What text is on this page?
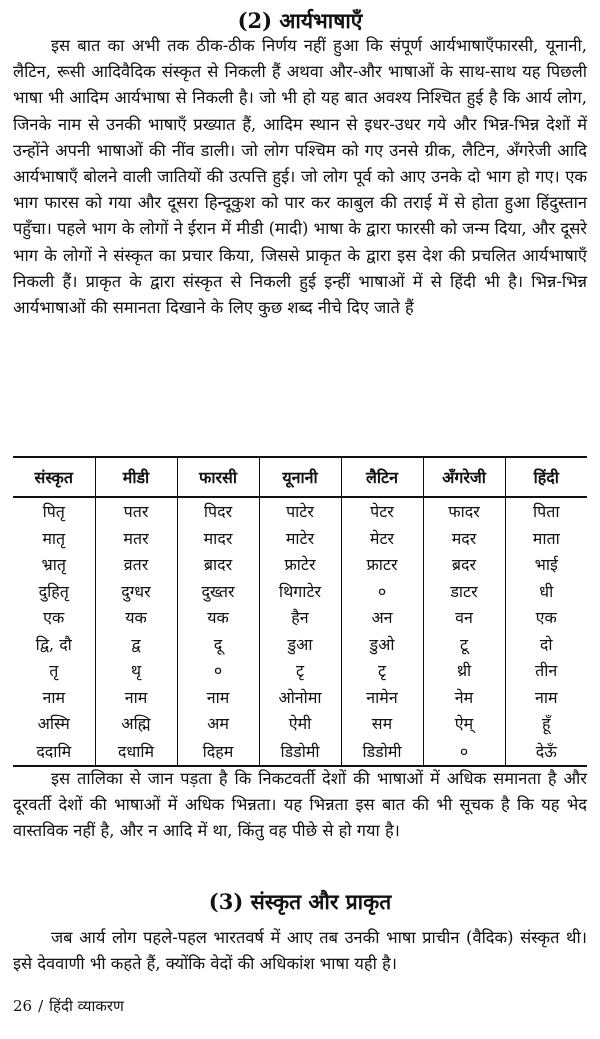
(2) आर्यभाषाएँ

इस बात का अभी तक ठीक-ठीक निर्णय नहीं हुआ कि संपूर्ण आर्यभाषाएँफारसी, यूनानी, लैटिन, रूसी आदिवैदिक संस्कृत से निकली हैं अथवा और-और भाषाओं के साथ-साथ यह पिछली भाषा भी आदिम आर्यभाषा से निकली है। जो भी हो यह बात अवश्य निश्चित हुई है कि आर्य लोग, जिनके नाम से उनकी भाषाएँ प्रख्यात हैं, आदिम स्थान से इधर-उधर गये और भिन्न-भिन्न देशों में उन्होंने अपनी भाषाओं की नींव डाली। जो लोग पश्चिम को गए उनसे ग्रीक, लैटिन, अँगरेजी आदि आर्यभाषाएँ बोलने वाली जातियों की उत्पत्ति हुई। जो लोग पूर्व को आए उनके दो भाग हो गए। एक भाग फारस को गया और दूसरा हिन्दूकुश को पार कर काबुल की तराई में से होता हुआ हिंदुस्तान पहुँचा। पहले भाग के लोगों ने ईरान में मीडी (मादी) भाषा के द्वारा फारसी को जन्म दिया, और दूसरे भाग के लोगों ने संस्कृत का प्रचार किया, जिससे प्राकृत के द्वारा इस देश की प्रचलित आर्यभाषाएँ निकली हैं। प्राकृत के द्वारा संस्कृत से निकली हुई इन्हीं भाषाओं में से हिंदी भी है। भिन्न-भिन्न आर्यभाषाओं की समानता दिखाने के लिए कुछ शब्द नीचे दिए जाते हैं

संस्कृत	मीडी	फारसी	यूनानी	लैटिन	अँगरेजी	हिंदी
पितृ	पतर	पिदर	पाटेर	पेटर	फादर	पिता
मातृ	मतर	मादर	माटेर	मेटर	मदर	माता
भ्रातृ	व्रतर	ब्रादर	फ्राटेर	फ्राटर	ब्रदर	भाई
दुहितृ	दुग्धर	दुख्तर	थिगाटेर	०	डाटर	धी
एक	यक	यक	हैन	अन	वन	एक
द्वि, दौ	द्व	दू	डुआ	डुओ	टू	दो
तृ	थृ	०	टृ	टृ	थ्री	तीन
नाम	नाम	नाम	ओनोमा	नामेन	नेम	नाम
अस्मि	अह्मि	अम	ऐमी	सम	ऐम्	हूँ
ददामि	दधामि	दिहम	डिडोमी	डिडोमी	०	देऊँ

इस तालिका से जान पड़ता है कि निकटवर्ती देशों की भाषाओं में अधिक समानता है और दूरवर्ती देशों की भाषाओं में अधिक भिन्नता। यह भिन्नता इस बात की भी सूचक है कि यह भेद वास्तविक नहीं है, और न आदि में था, किंतु वह पीछे से हो गया है।

(3) संस्कृत और प्राकृत

जब आर्य लोग पहले-पहल भारतवर्ष में आए तब उनकी भाषा प्राचीन (वैदिक) संस्कृत थी। इसे देववाणी भी कहते हैं, क्योंकि वेदों की अधिकांश भाषा यही है।

26 / हिंदी व्याकरण
